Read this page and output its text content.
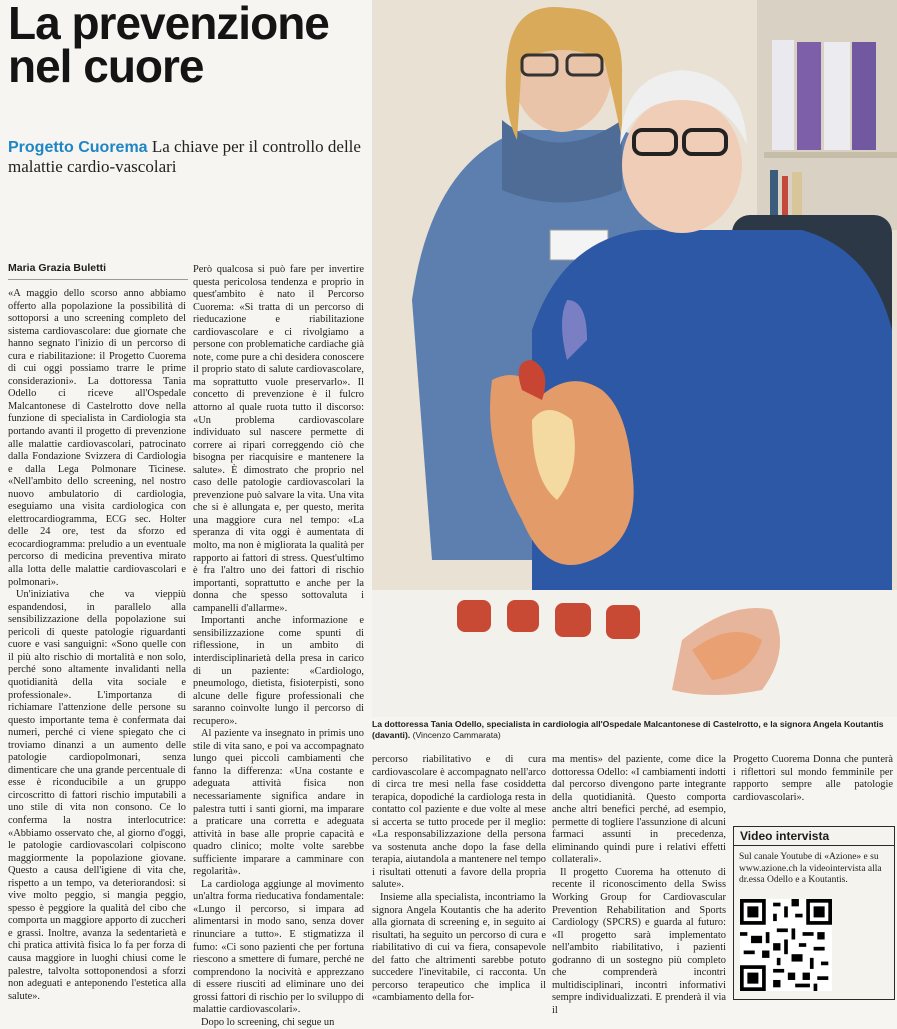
La prevenzione nel cuore
Progetto Cuorema La chiave per il controllo delle malattie cardio-vascolari
Maria Grazia Buletti

«A maggio dello scorso anno abbiamo offerto alla popolazione la possibilità di sottoporsi a uno screening completo del sistema cardiovascolare: due giornate che hanno segnato l'inizio di un percorso di cura e riabilitazione: il Progetto Cuorema di cui oggi possiamo trarre le prime considerazioni». La dottoressa Tania Odello ci riceve all'Ospedale Malcantonese di Castelrotto dove nella funzione di specialista in Cardiologia sta portando avanti il progetto di prevenzione alle malattie cardiovascolari, patrocinato dalla Fondazione Svizzera di Cardiologia e dalla Lega Polmonare Ticinese. «Nell'ambito dello screening, nel nostro nuovo ambulatorio di cardiologia, eseguiamo una visita cardiologica con elettrocardiogramma, ECG sec. Holter delle 24 ore, test da sforzo ed ecocardiogramma: preludio a un eventuale percorso di medicina preventiva mirato alla lotta delle malattie cardiovascolari e polmonari».

Un'iniziativa che va vieppiù espandendosi, in parallelo alla sensibilizzazione della popolazione sui pericoli di queste patologie riguardanti cuore e vasi sanguigni: «Sono quelle con il più alto rischio di mortalità e non solo, perché sono altamente invalidanti nella quotidianità della vita sociale e professionale». L'importanza di richiamare l'attenzione delle persone su questo importante tema è confermata dai numeri, perché ci viene spiegato che ci troviamo dinanzi a un aumento delle patologie cardiopolmonari, senza dimenticare che una grande percentuale di esse è riconducibile a un gruppo circoscritto di fattori rischio imputabili a uno stile di vita non consono. Ce lo conferma la nostra interlocutrice: «Abbiamo osservato che, al giorno d'oggi, le patologie cardiovascolari colpiscono maggiormente la popolazione giovane. Questo a causa dell'igiene di vita che, rispetto a un tempo, va deteriorandosi: si vive molto peggio, si mangia peggio, spesso è peggiore la qualità del cibo che comporta un maggiore apporto di zuccheri e grassi. Inoltre, avanza la sedentarietà e chi pratica attività fisica lo fa per forza di causa maggiore in luoghi chiusi come le palestre, talvolta sottoponendosi a sforzi non adeguati e anteponendo l'estetica alla salute».

Però qualcosa si può fare per invertire questa pericolosa tendenza e proprio in quest'ambito è nato il Percorso Cuorema: «Si tratta di un percorso di rieducazione e riabilitazione cardiovascolare e ci rivolgiamo a persone con problematiche cardiache già note, come pure a chi desidera conoscere il proprio stato di salute cardiovascolare, ma soprattutto vuole preservarlo». Il concetto di prevenzione è il fulcro attorno al quale ruota tutto il discorso: «Un problema cardiovascolare individuato sul nascere permette di correre ai ripari correggendo ciò che bisogna per riacquisire e mantenere la salute». È dimostrato che proprio nel caso delle patologie cardiovascolari la prevenzione può salvare la vita. Una vita che si è allungata e, per questo, merita una maggiore cura nel tempo: «La speranza di vita oggi è aumentata di molto, ma non è migliorata la qualità per rapporto ai fattori di stress. Quest'ultimo è fra l'altro uno dei fattori di rischio importanti, soprattutto e anche per la donna che spesso sottovaluta i campanelli d'allarme».

Importanti anche informazione e sensibilizzazione come spunti di riflessione, in un ambito di interdisciplinarietà della presa in carico di un paziente: «Cardiologo, pneumologo, dietista, fisioterpisti, sono alcune delle figure professionali che saranno coinvolte lungo il percorso di recupero».

Al paziente va insegnato in primis uno stile di vita sano, e poi va accompagnato lungo quei piccoli cambiamenti che fanno la differenza: «Una costante e adeguata attività fisica non necessariamente significa andare in palestra tutti i santi giorni, ma imparare a praticare una corretta e adeguata attività in base alle proprie capacità e quadro clinico; molte volte sarebbe sufficiente imparare a camminare con regolarità».

La cardiologa aggiunge al movimento un'altra forma rieducativa fondamentale: «Lungo il percorso, si impara ad alimentarsi in modo sano, senza dover rinunciare a tutto». E stigmatizza il fumo: «Ci sono pazienti che per fortuna riescono a smettere di fumare, perché ne comprendono la nocività e apprezzano di essere riusciti ad eliminare uno dei grossi fattori di rischio per lo sviluppo di malattie cardiovascolari».

Dopo lo screening, chi segue un

La dottoressa Tania Odello, specialista in cardiologia all'Ospedale Malcantonese di Castelrotto, e la signora Angela Koutantis (davanti). (Vincenzo Cammarata)

percorso riabilitativo e di cura cardiovascolare è accompagnato nell'arco di circa tre mesi nella fase cosiddetta terapica, dopodiché la cardiologa resta in contatto col paziente e due volte al mese si accerta se tutto procede per il meglio: «La responsabilizzazione della persona va sostenuta anche dopo la fase della terapia, aiutandola a mantenere nel tempo i risultati ottenuti a favore della propria salute».

Insieme alla specialista, incontriamo la signora Angela Koutantis che ha aderito alla giornata di screening e, in seguito ai risultati, ha seguito un percorso di cura e riabilitativo di cui va fiera, consapevole del fatto che altrimenti sarebbe potuto succedere l'inevitabile, ci racconta. Un percorso terapeutico che implica il «cambiamento della for-

ma mentis» del paziente, come dice la dottoressa Odello: «I cambiamenti indotti dal percorso divengono parte integrante della quotidianità. Questo comporta anche altri benefici perché, ad esempio, permette di togliere l'assunzione di alcuni farmaci assunti in precedenza, eliminando quindi pure i relativi effetti collaterali».

Il progetto Cuorema ha ottenuto di recente il riconoscimento della Swiss Working Group for Cardiovascular Prevention Rehabilitation and Sports Cardiology (SPCRS) e guarda al futuro: «Il progetto sarà implementato nell'ambito riabilitativo, i pazienti godranno di un sostegno più completo che comprenderà incontri multidisciplinari, incontri informativi sempre individualizzati. E prenderà il via il

Progetto Cuorema Donna che punterà i riflettori sul mondo femminile per rapporto sempre alle patologie cardiovascolari».

Video intervista
Sul canale Youtube di «Azione» e su www.azione.ch la videointervista alla dr.essa Odello e a Koutantis.
